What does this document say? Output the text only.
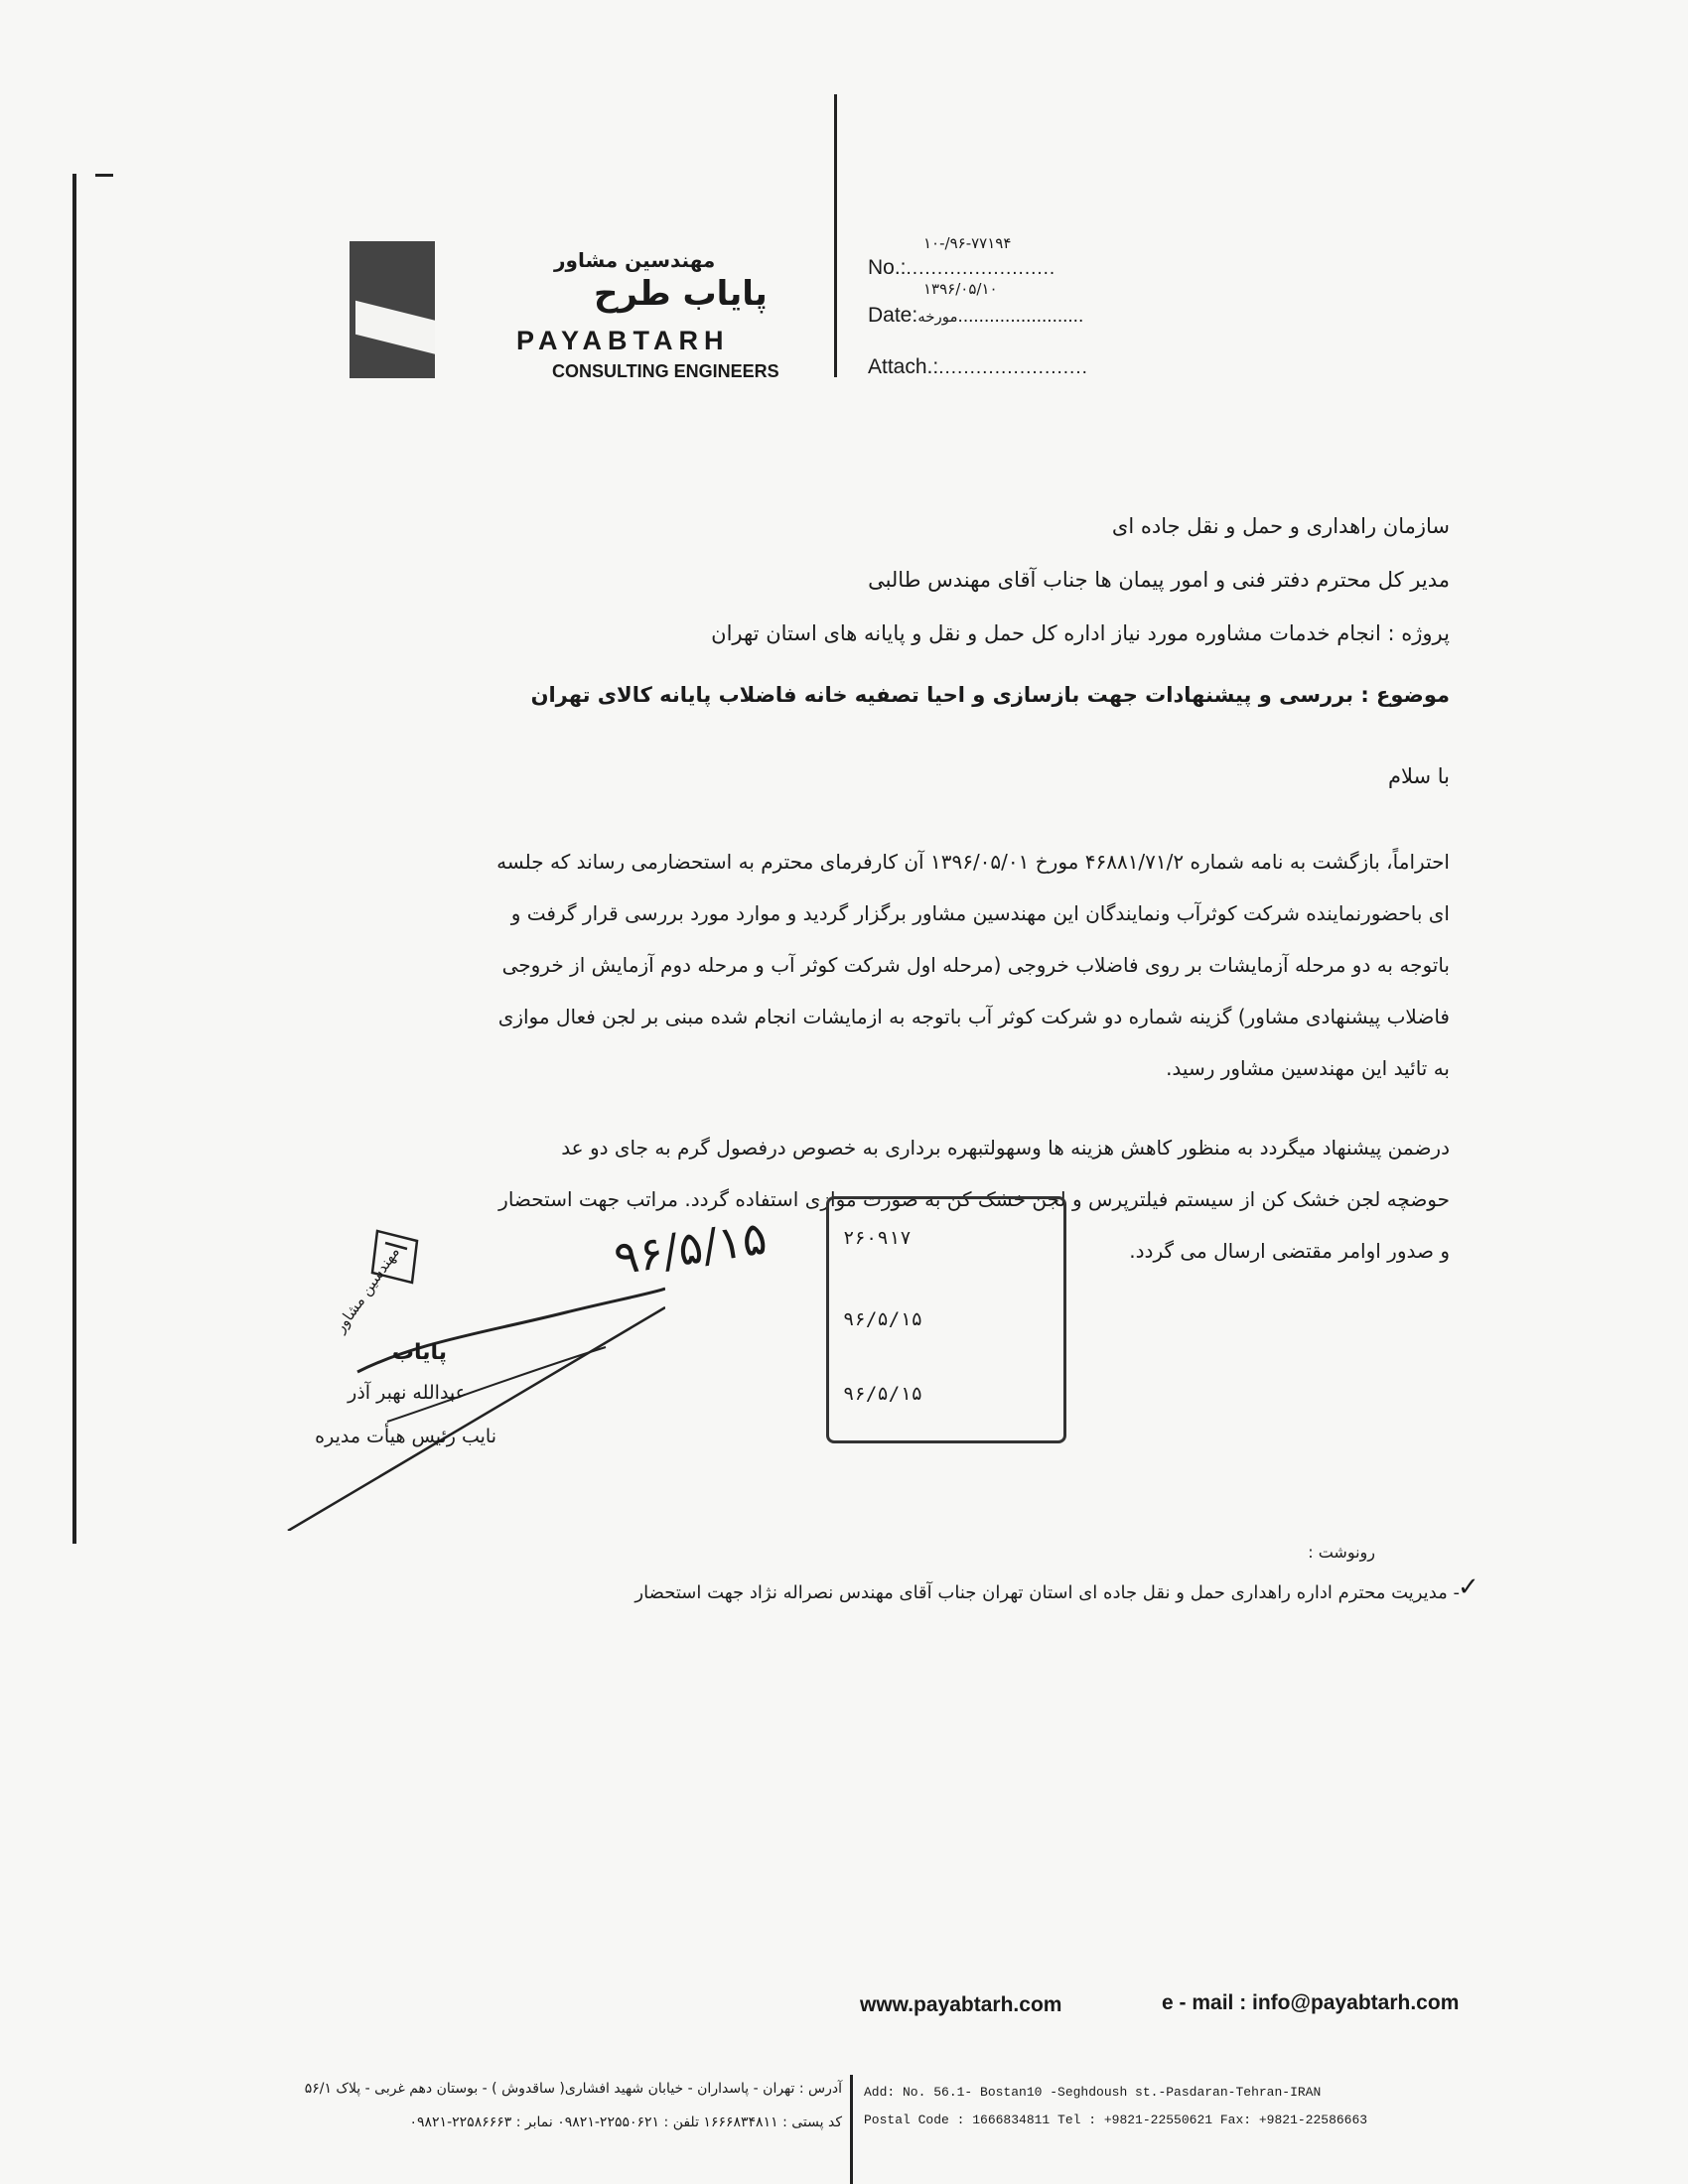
مهندسین مشاور
پایاب طرح
PAYABTARH
CONSULTING ENGINEERS
۱۰-/۹۶-۷۷۱۹۴
No.:........................
۱۳۹۶/۰۵/۱۰
Date:مورخه........................
Attach.:........................
سازمان راهداری و حمل و نقل جاده ای
مدیر کل محترم دفتر فنی و امور پیمان ها جناب آقای مهندس طالبی
پروژه : انجام خدمات مشاوره مورد نیاز اداره کل حمل و نقل و پایانه های استان تهران
موضوع : بررسی و پیشنهادات جهت بازسازی و احیا تصفیه خانه فاضلاب پایانه کالای تهران
با سلام

احتراماً، بازگشت به نامه شماره ۴۶۸۸۱/۷۱/۲ مورخ ۱۳۹۶/۰۵/۰۱ آن کارفرمای محترم به استحضارمی رساند که جلسه

ای باحضورنماینده شرکت کوثرآب ونمایندگان این مهندسین مشاور برگزار گردید و موارد مورد بررسی قرار گرفت و

باتوجه به دو مرحله آزمایشات بر روی فاضلاب خروجی (مرحله اول شرکت کوثر آب و مرحله دوم آزمایش از خروجی

فاضلاب پیشنهادی مشاور) گزینه شماره دو شرکت کوثر آب باتوجه به ازمایشات انجام شده مبنی بر لجن فعال موازی

به تائید این مهندسین مشاور رسید.

درضمن پیشنهاد میگردد به منظور کاهش هزینه ها وسهولتبهره برداری به خصوص درفصول گرم به جای دو عد

حوضچه لجن خشک کن از سیستم فیلترپرس و لجن خشک کن به صورت موازی استفاده گردد. مراتب جهت استحضار

و صدور اوامر مقتضی ارسال می گردد.

۹۶/۵/۱۵	۲۶۰۹۱۷
۹۶/۵/۱۵
۹۶/۵/۱۵
مهندسین مشاور
پایاب
عبدالله نهبر آذر
نایب رئیس هیأت مدیره
رونوشت :
- مدیریت محترم اداره راهداری حمل و نقل جاده ای استان تهران جناب آقای مهندس نصراله نژاد جهت استحضار
✓
www.payabtarh.com	e - mail : info@payabtarh.com
آدرس : تهران - پاسداران - خیابان شهید افشاری( ساقدوش ) - بوستان دهم غربی - پلاک ۵۶/۱
کد پستی : ۱۶۶۶۸۳۴۸۱۱ تلفن : ۲۲۵۵۰۶۲۱-۰۹۸۲۱ نمابر : ۲۲۵۸۶۶۶۳-۰۹۸۲۱
Add: No. 56.1- Bostan10 -Seghdoush st.-Pasdaran-Tehran-IRAN
Postal Code : 1666834811 Tel : +9821-22550621 Fax: +9821-22586663
